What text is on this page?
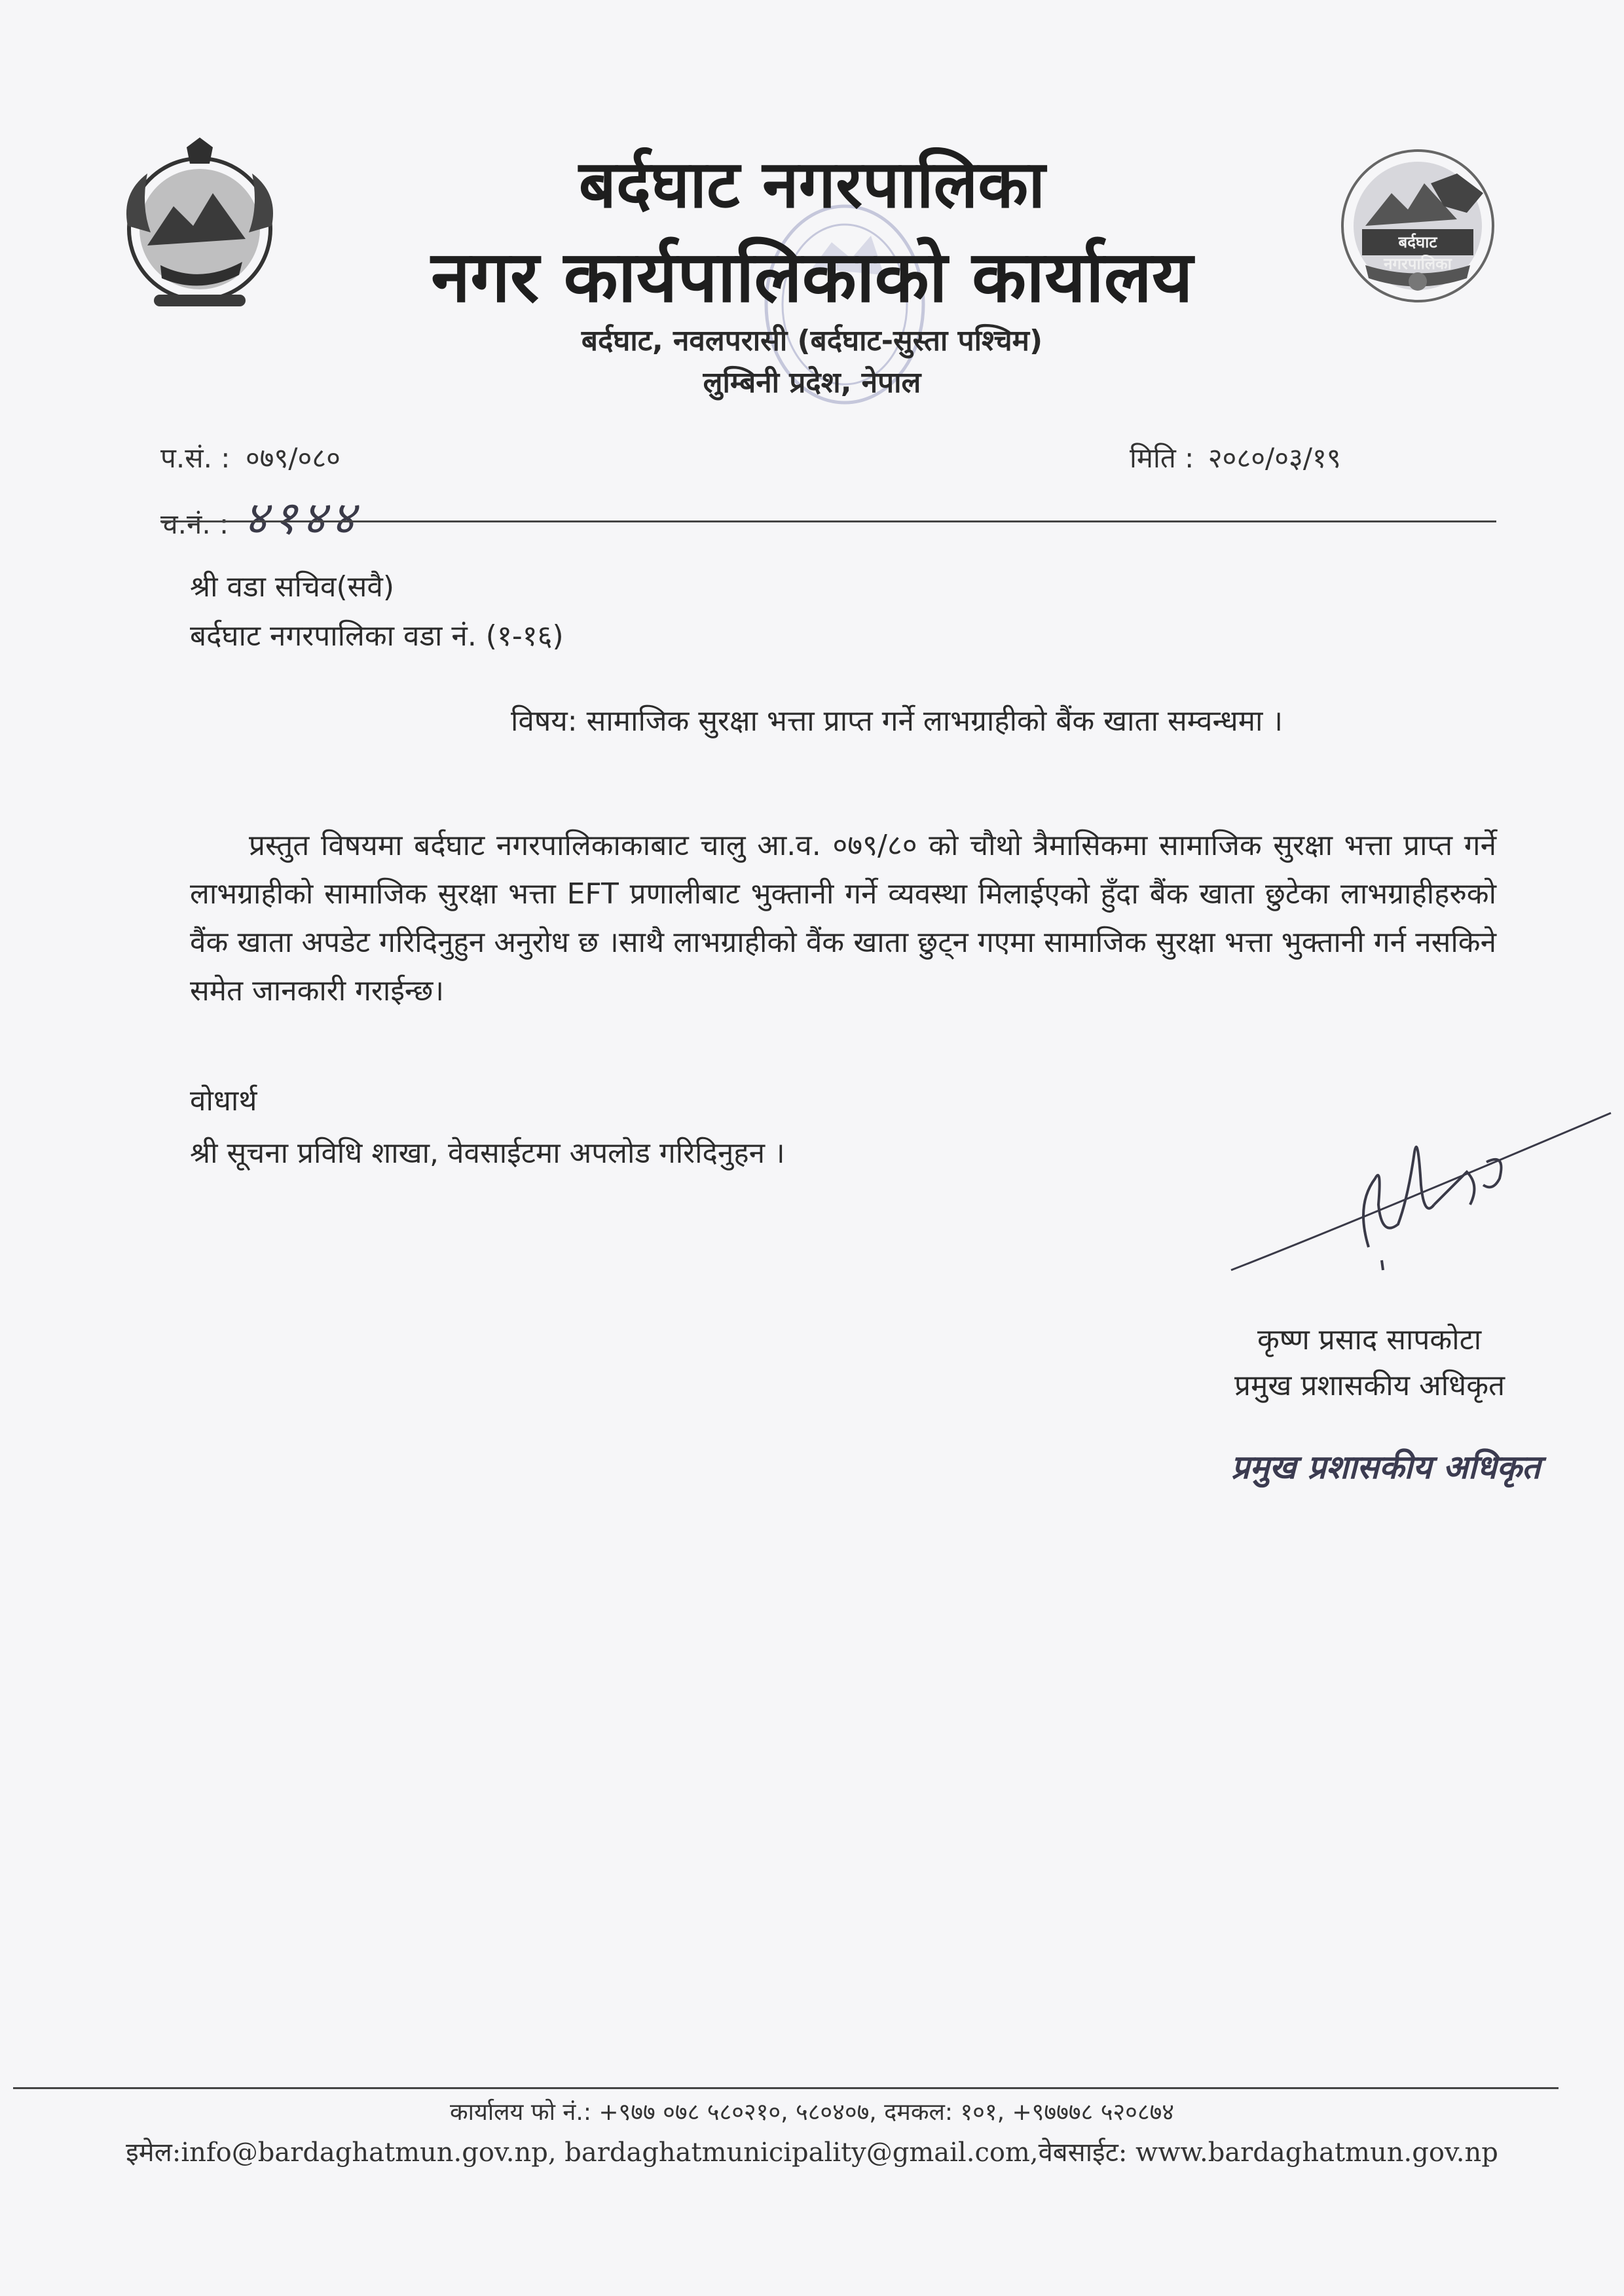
बर्दघाट नगरपालिका
बर्दघाट नगरपालिका
नगर कार्यपालिकाको कार्यालय
बर्दघाट, नवलपरासी (बर्दघाट-सुस्ता पश्चिम)
लुम्बिनी प्रदेश, नेपाल
प.सं. : ०७९/०८०
च.नं. : ४१४४
मिति : २०८०/०३/१९
श्री वडा सचिव(सवै)
बर्दघाट नगरपालिका वडा नं. (१-१६)
विषय: सामाजिक सुरक्षा भत्ता प्राप्त गर्ने लाभग्राहीको बैंक खाता सम्वन्धमा ।
प्रस्तुत विषयमा बर्दघाट नगरपालिकाकाबाट चालु आ.व. ०७९/८० को चौथो त्रैमासिकमा सामाजिक सुरक्षा भत्ता प्राप्त गर्ने लाभग्राहीको सामाजिक सुरक्षा भत्ता EFT प्रणालीबाट भुक्तानी गर्ने व्यवस्था मिलाईएको हुँदा बैंक खाता छुटेका लाभग्राहीहरुको वैंक खाता अपडेट गरिदिनुहुन अनुरोध छ ।साथै लाभग्राहीको वैंक खाता छुट्न गएमा सामाजिक सुरक्षा भत्ता भुक्तानी गर्न नसकिने समेत जानकारी गराईन्छ।
वोधार्थ
श्री सूचना प्रविधि शाखा, वेवसाईटमा अपलोड गरिदिनुहन ।
कृष्ण प्रसाद सापकोटा
प्रमुख प्रशासकीय अधिकृत
प्रमुख प्रशासकीय अधिकृत
कार्यालय फो नं.: +९७७ ०७८ ५८०२१०, ५८०४०७, दमकल: १०१, +९७७७८ ५२०८७४
इमेल:info@bardaghatmun.gov.np, bardaghatmunicipality@gmail.com,वेबसाईट: www.bardaghatmun.gov.np
